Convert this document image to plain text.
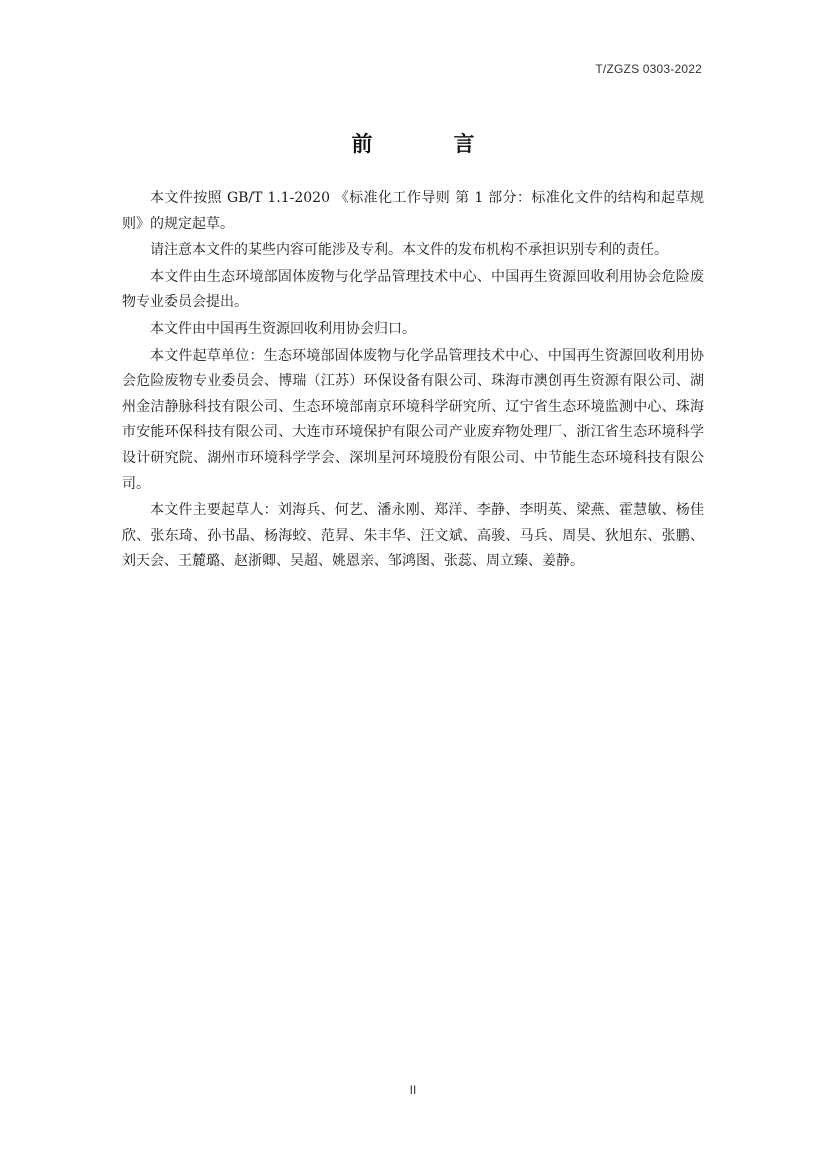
T/ZGZS 0303-2022
前　言

本文件按照 GB/T 1.1-2020 《标准化工作导则 第 1 部分：标准化文件的结构和起草规则》的规定起草。

请注意本文件的某些内容可能涉及专利。本文件的发布机构不承担识别专利的责任。

本文件由生态环境部固体废物与化学品管理技术中心、中国再生资源回收利用协会危险废物专业委员会提出。

本文件由中国再生资源回收利用协会归口。

本文件起草单位：生态环境部固体废物与化学品管理技术中心、中国再生资源回收利用协会危险废物专业委员会、博瑞（江苏）环保设备有限公司、珠海市澳创再生资源有限公司、湖州金洁静脉科技有限公司、生态环境部南京环境科学研究所、辽宁省生态环境监测中心、珠海市安能环保科技有限公司、大连市环境保护有限公司产业废弃物处理厂、浙江省生态环境科学设计研究院、湖州市环境科学学会、深圳星河环境股份有限公司、中节能生态环境科技有限公司。

本文件主要起草人：刘海兵、何艺、潘永刚、郑洋、李静、李明英、梁燕、霍慧敏、杨佳欣、张东琦、孙书晶、杨海蛟、范昇、朱丰华、汪文斌、高骏、马兵、周昊、狄旭东、张鹏、刘天会、王麓璐、赵浙卿、吴超、姚恩亲、邹鸿图、张蕊、周立臻、姜静。

II
